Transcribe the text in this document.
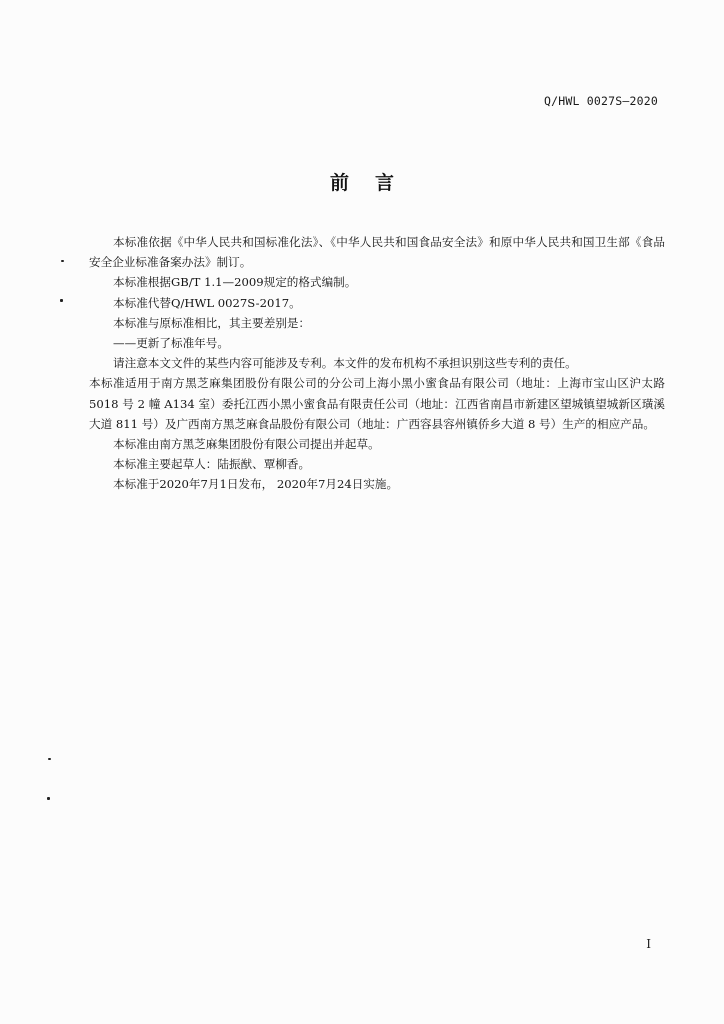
Q/HWL 0027S—2020
前言

本标准依据《中华人民共和国标准化法》、《中华人民共和国食品安全法》和原中华人民共和国卫生部《食品安全企业标准备案办法》制订。

本标准根据GB/T 1.1—2009规定的格式编制。

本标准代替Q/HWL 0027S-2017。

本标准与原标准相比，其主要差别是：

——更新了标准年号。

请注意本文文件的某些内容可能涉及专利。本文件的发布机构不承担识别这些专利的责任。

本标准适用于南方黑芝麻集团股份有限公司的分公司上海小黑小蜜食品有限公司（地址：上海市宝山区沪太路 5018 号 2 幢 A134 室）委托江西小黑小蜜食品有限责任公司（地址：江西省南昌市新建区望城镇望城新区璜溪大道 811 号）及广西南方黑芝麻食品股份有限公司（地址：广西容县容州镇侨乡大道 8 号）生产的相应产品。

本标准由南方黑芝麻集团股份有限公司提出并起草。

本标准主要起草人：陆振猷、覃柳香。

本标准于2020年7月1日发布， 2020年7月24日实施。

I
